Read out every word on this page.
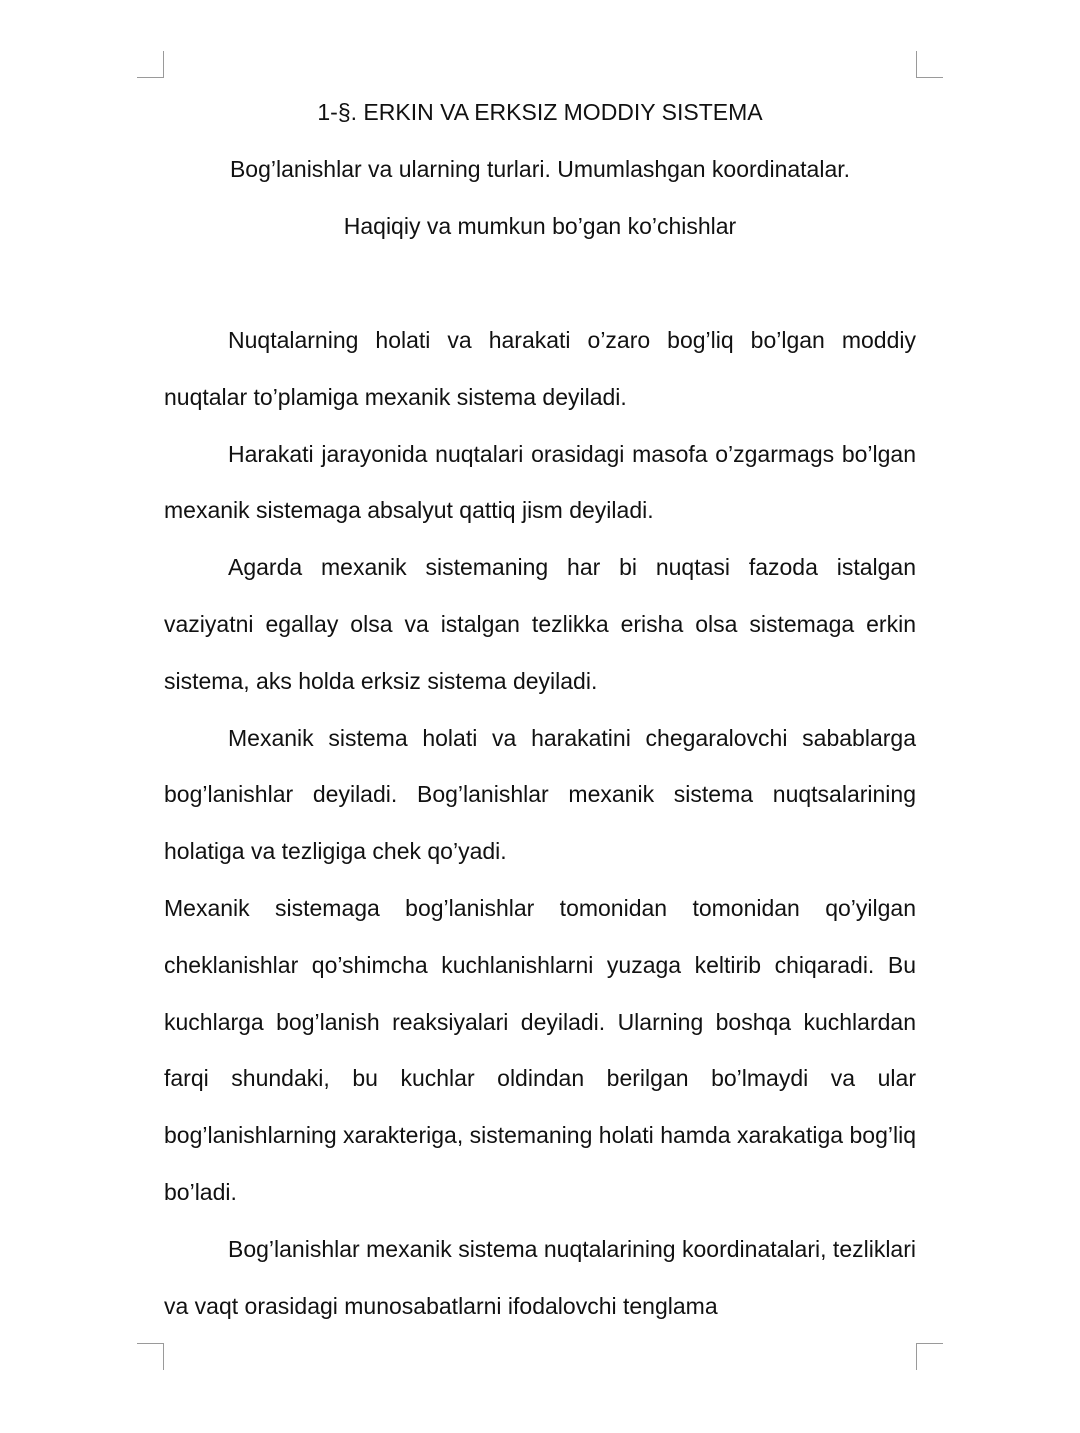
1-§. ERKIN VA ERKSIZ MODDIY SISTEMA
Bog’lanishlar va ularning turlari. Umumlashgan koordinatalar.
Haqiqiy va mumkun bo’gan ko’chishlar

Nuqtalarning holati va harakati o’zaro bog’liq bo’lgan moddiy nuqtalar to’plamiga mexanik sistema deyiladi.

Harakati jarayonida nuqtalari orasidagi masofa o’zgarmags bo’lgan mexanik sistemaga absalyut qattiq jism deyiladi.

Agarda mexanik sistemaning har bi nuqtasi fazoda istalgan vaziyatni egallay olsa va istalgan tezlikka erisha olsa sistemaga erkin sistema, aks holda erksiz sistema deyiladi.

Mexanik sistema holati va harakatini chegaralovchi sabablarga bog’lanishlar deyiladi. Bog’lanishlar mexanik sistema nuqtsalarining holatiga va tezligiga chek qo’yadi.

Mexanik sistemaga bog’lanishlar tomonidan tomonidan qo’yilgan cheklanishlar qo’shimcha kuchlanishlarni yuzaga keltirib chiqaradi. Bu kuchlarga bog’lanish reaksiyalari deyiladi. Ularning boshqa kuchlardan farqi shundaki, bu kuchlar oldindan berilgan bo’lmaydi va ular bog’lanishlarning xarakteriga, sistemaning holati hamda xarakatiga bog’liq bo’ladi.

Bog’lanishlar mexanik sistema nuqtalarining koordinatalari, tezliklari va vaqt orasidagi munosabatlarni ifodalovchi tenglama
